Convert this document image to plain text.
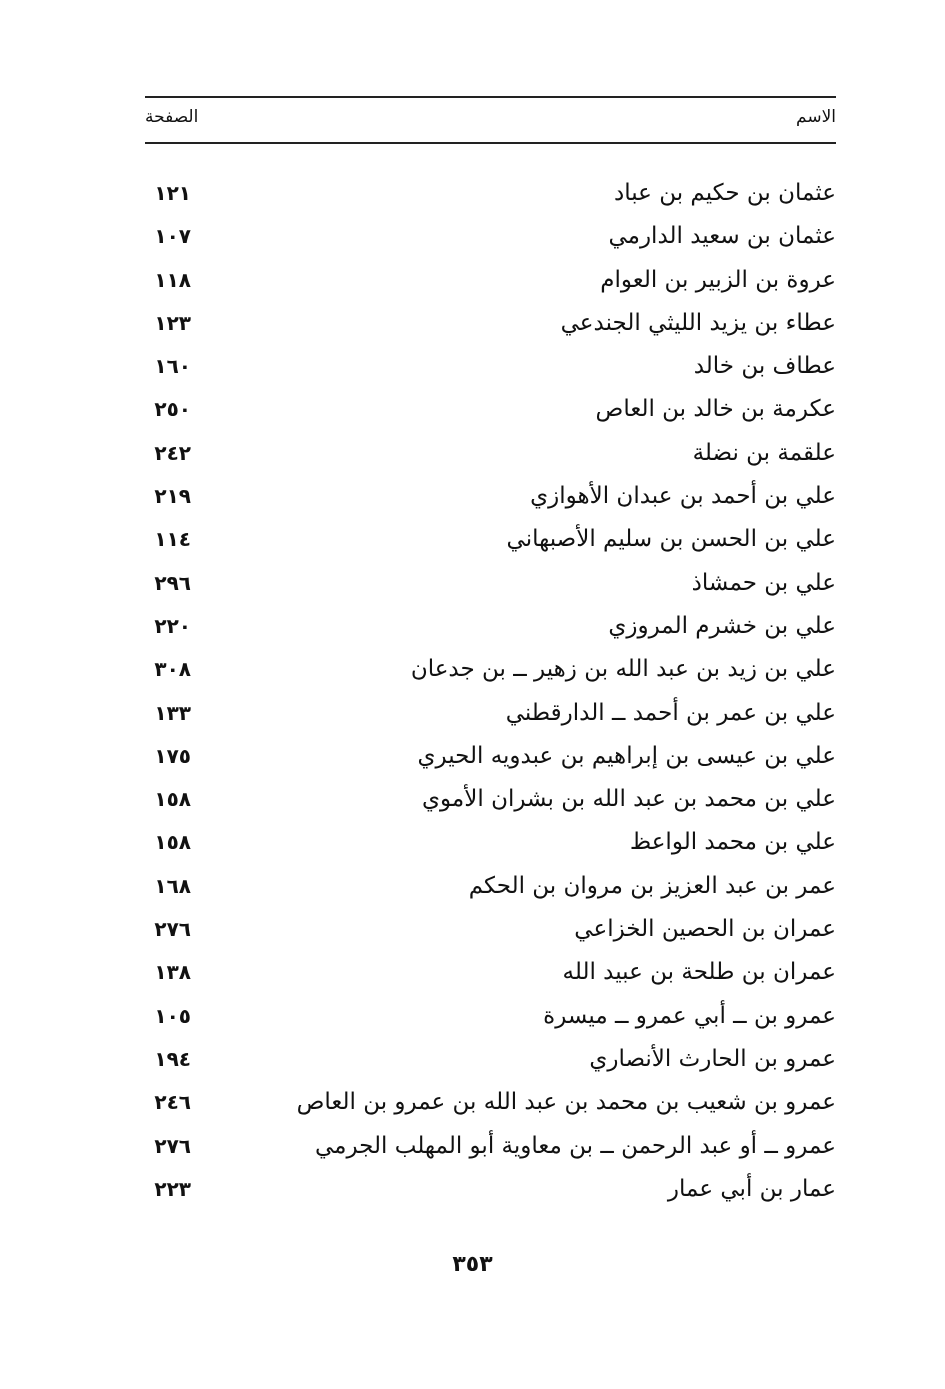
الاسم
الصفحة
عثمان بن حكيم بن عباد
١٢١
عثمان بن سعيد الدارمي
١٠٧
عروة بن الزبير بن العوام
١١٨
عطاء بن يزيد الليثي الجندعي
١٢٣
عطاف بن خالد
١٦٠
عكرمة بن خالد بن العاص
٢٥٠
علقمة بن نضلة
٢٤٢
علي بن أحمد بن عبدان الأهوازي
٢١٩
علي بن الحسن بن سليم الأصبهاني
١١٤
علي بن حمشاذ
٢٩٦
علي بن خشرم المروزي
٢٢٠
علي بن زيد بن عبد الله بن زهير ــ بن جدعان
٣٠٨
علي بن عمر بن أحمد ــ الدارقطني
١٣٣
علي بن عيسى بن إبراهيم بن عبدويه الحيري
١٧٥
علي بن محمد بن عبد الله بن بشران الأموي
١٥٨
علي بن محمد الواعظ
١٥٨
عمر بن عبد العزيز بن مروان بن الحكم
١٦٨
عمران بن الحصين الخزاعي
٢٧٦
عمران بن طلحة بن عبيد الله
١٣٨
عمرو بن ــ أبي عمرو ــ ميسرة
١٠٥
عمرو بن الحارث الأنصاري
١٩٤
عمرو بن شعيب بن محمد بن عبد الله بن عمرو بن العاص
٢٤٦
عمرو ــ أو عبد الرحمن ــ بن معاوية أبو المهلب الجرمي
٢٧٦
عمار بن أبي عمار
٢٢٣
٣٥٣
